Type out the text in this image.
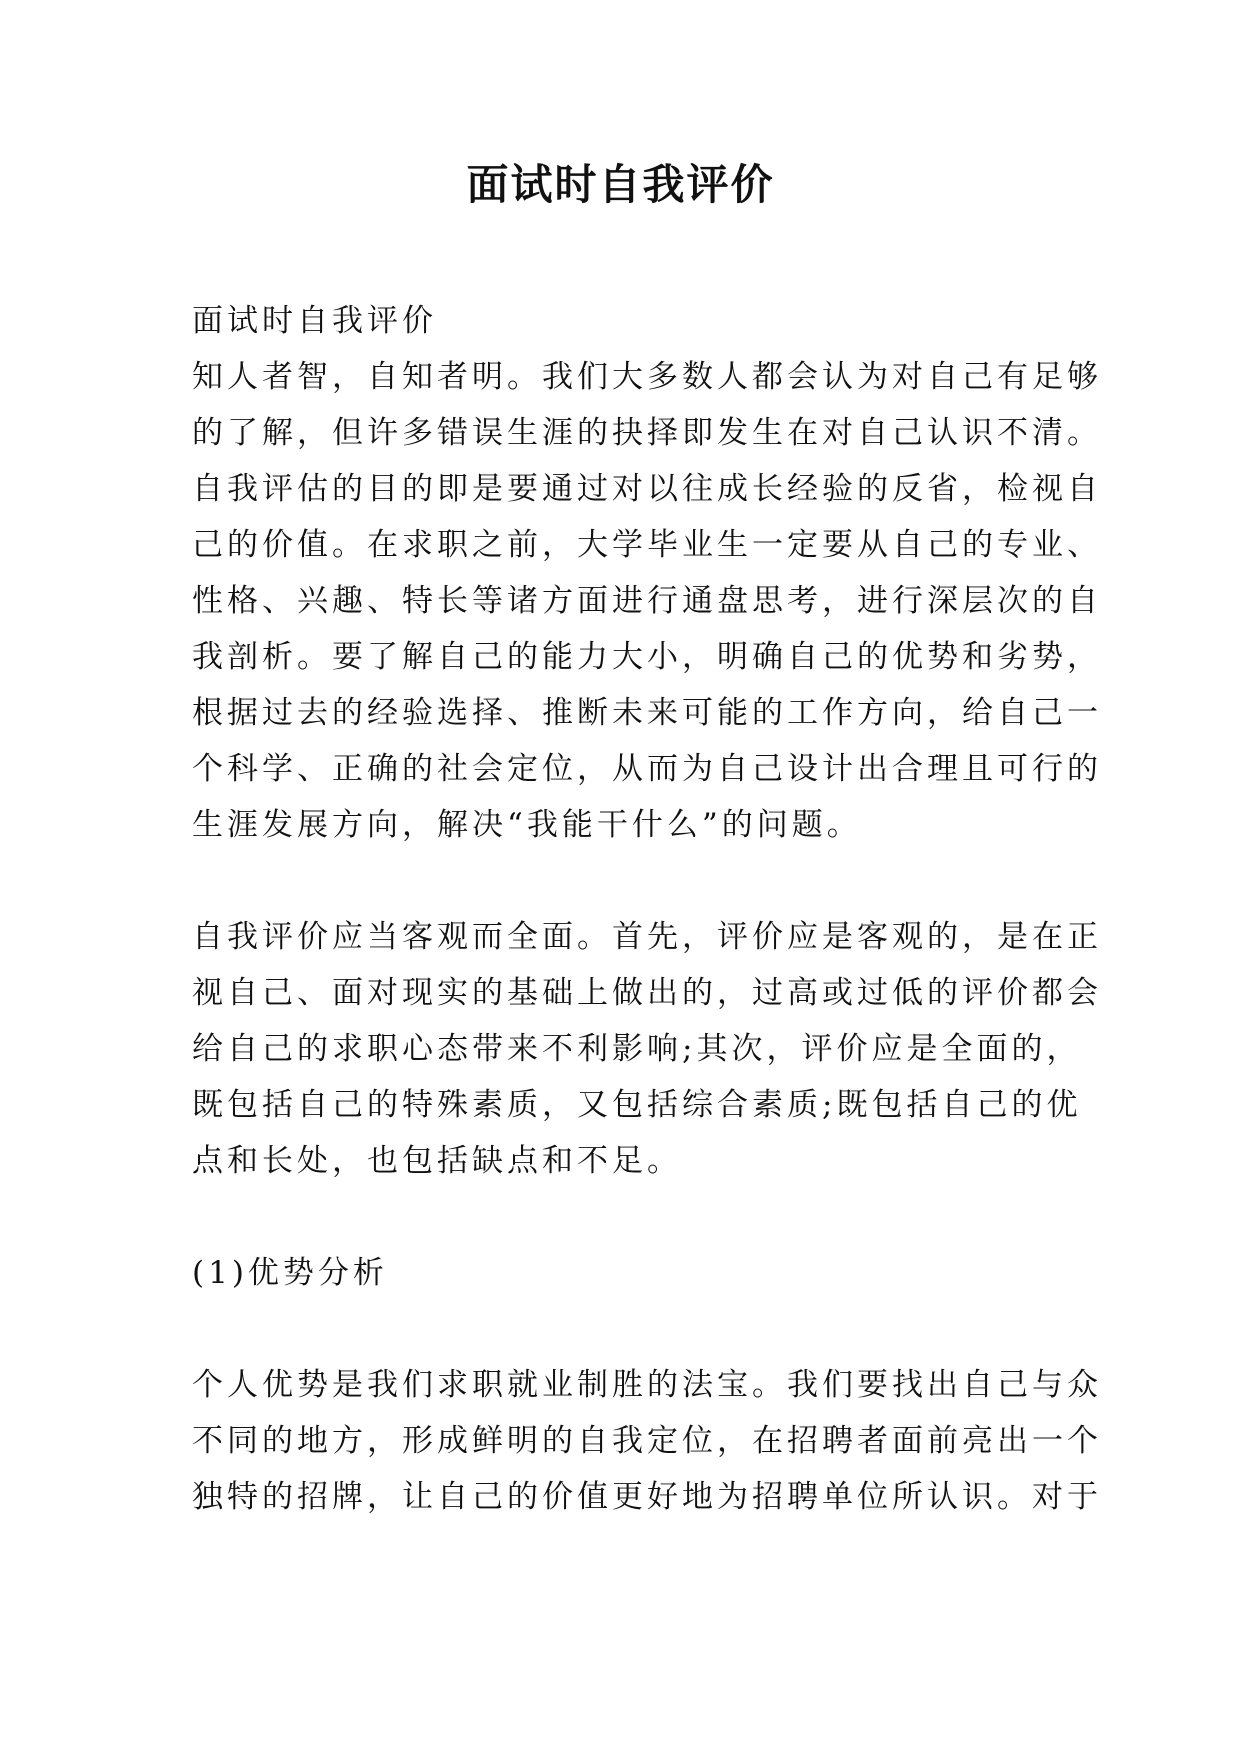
面试时自我评价
面试时自我评价
知人者智，自知者明。我们大多数人都会认为对自己有足够
的了解，但许多错误生涯的抉择即发生在对自己认识不清。
自我评估的目的即是要通过对以往成长经验的反省，检视自
己的价值。在求职之前，大学毕业生一定要从自己的专业、
性格、兴趣、特长等诸方面进行通盘思考，进行深层次的自
我剖析。要了解自己的能力大小，明确自己的优势和劣势，
根据过去的经验选择、推断未来可能的工作方向，给自己一
个科学、正确的社会定位，从而为自己设计出合理且可行的
生涯发展方向，解决“我能干什么”的问题。
自我评价应当客观而全面。首先，评价应是客观的，是在正
视自己、面对现实的基础上做出的，过高或过低的评价都会
给自己的求职心态带来不利影响;其次，评价应是全面的，
既包括自己的特殊素质，又包括综合素质;既包括自己的优
点和长处，也包括缺点和不足。
(1)优势分析
个人优势是我们求职就业制胜的法宝。我们要找出自己与众
不同的地方，形成鲜明的自我定位，在招聘者面前亮出一个
独特的招牌，让自己的价值更好地为招聘单位所认识。对于
